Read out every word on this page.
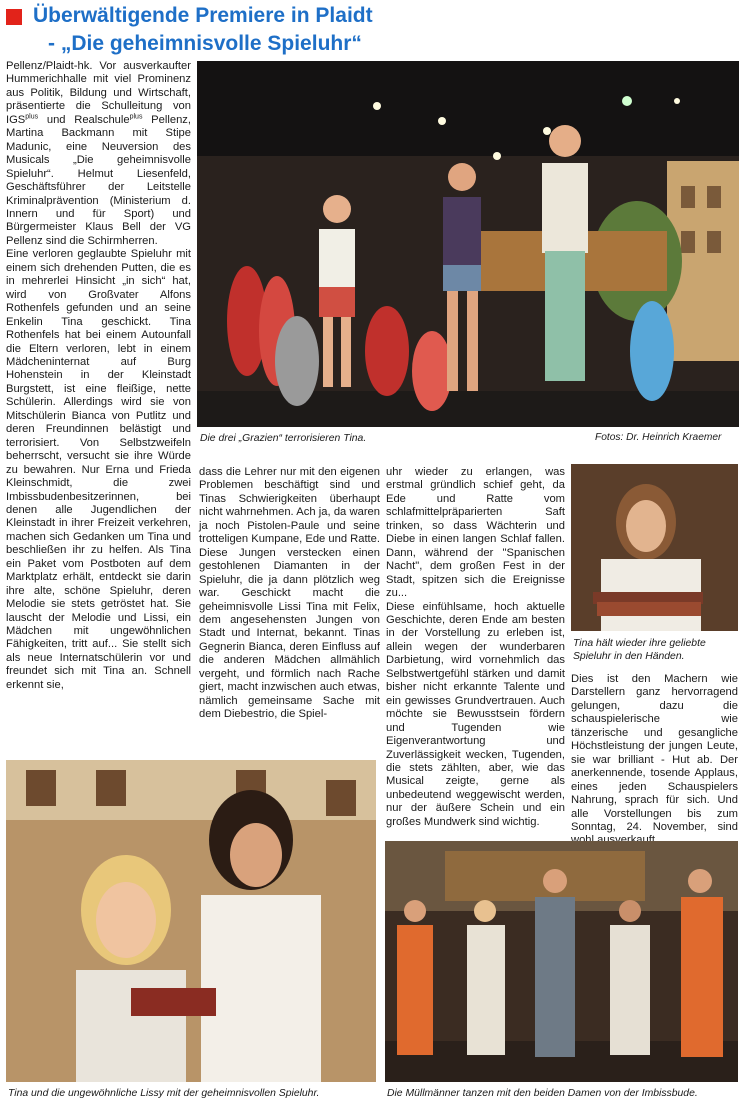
Überwältigende Premiere in Plaidt
- „Die geheimnisvolle Spieluhr“
Die drei „Grazien“ terrorisieren Tina.	Fotos: Dr. Heinrich Kraemer

Pellenz/Plaidt-hk. Vor ausverkaufter Hummerichhalle mit viel Prominenz aus Politik, Bildung und Wirtschaft, präsentierte die Schulleitung von $IGS^{plus}$ und Realschule$^{plus}$ Pellenz, Martina Backmann mit Stipe Madunic, eine Neuversion des Musicals „Die geheimnisvolle Spieluhr“. Helmut Liesenfeld, Geschäftsführer der Leitstelle Kriminalprävention (Ministerium d. Innern und für Sport) und Bürgermeister Klaus Bell der VG Pellenz sind die Schirmherren.

Eine verloren geglaubte Spieluhr mit einem sich drehenden Putten, die es in mehrerlei Hinsicht „in sich“ hat, wird von Großvater Alfons Rothenfels gefunden und an seine Enkelin Tina geschickt. Tina Rothenfels hat bei einem Autounfall die Eltern verloren, lebt in einem Mädcheninternat auf Burg Hohenstein in der Kleinstadt Burgstett, ist eine fleißige, nette Schülerin. Allerdings wird sie von Mitschülerin Bianca von Putlitz und deren Freundinnen belästigt und terrorisiert. Von Selbstzweifeln beherrscht, versucht sie ihre Würde zu bewahren. Nur Erna und Frieda Kleinschmidt, die zwei Imbissbudenbesitzerinnen, bei denen alle Jugendlichen der Kleinstadt in ihrer Freizeit verkehren, machen sich Gedanken um Tina und beschließen ihr zu helfen. Als Tina ein Paket vom Postboten auf dem Marktplatz erhält, entdeckt sie darin ihre alte, schöne Spieluhr, deren Melodie sie stets getröstet hat. Sie lauscht der Melodie und Lissi, ein Mädchen mit ungewöhnlichen Fähigkeiten, tritt auf... Sie stellt sich als neue Internatschülerin vor und freundet sich mit Tina an. Schnell erkennt sie,

dass die Lehrer nur mit den eigenen Problemen beschäftigt sind und Tinas Schwierigkeiten überhaupt nicht wahrnehmen. Ach ja, da waren ja noch Pistolen-Paule und seine trotteligen Kumpane, Ede und Ratte. Diese Jungen verstecken einen gestohlenen Diamanten in der Spieluhr, die ja dann plötzlich weg war. Geschickt macht die geheimnisvolle Lissi Tina mit Felix, dem angesehensten Jungen von Stadt und Internat, bekannt. Tinas Gegnerin Bianca, deren Einfluss auf die anderen Mädchen allmählich vergeht, und förmlich nach Rache giert, macht inzwischen auch etwas, nämlich gemeinsame Sache mit dem Diebestrio, die Spiel-

uhr wieder zu erlangen, was erstmal gründlich schief geht, da Ede und Ratte vom schlafmittelpräparierten Saft trinken, so dass Wächterin und Diebe in einen langen Schlaf fallen. Dann, während der "Spanischen Nacht", dem großen Fest in der Stadt, spitzen sich die Ereignisse zu...

Diese einfühlsame, hoch aktuelle Geschichte, deren Ende am besten in der Vorstellung zu erleben ist, allein wegen der wunderbaren Darbietung, wird vornehmlich das Selbstwertgefühl stärken und damit bisher nicht erkannte Talente und ein gewisses Grundvertrauen. Auch möchte sie Bewusstsein fördern und Tugenden wie Eigenverantwortung und Zuverlässigkeit wecken, Tugenden, die stets zählten, aber, wie das Musical zeigte, gerne als unbedeutend weggewischt werden, nur der äußere Schein und ein großes Mundwerk sind wichtig.

Tina hält wieder ihre geliebte
Spieluhr in den Händen.

Dies ist den Machern wie Darstellern ganz hervorragend gelungen, dazu die schauspielerische wie tänzerische und gesangliche Höchstleistung der jungen Leute, sie war brilliant - Hut ab. Der anerkennende, tosende Applaus, eines jeden Schauspielers Nahrung, sprach für sich. Und alle Vorstellungen bis zum Sonntag, 24. November, sind

Tina und die ungewöhnliche Lissy mit der geheimnisvollen Spieluhr.	Die Müllmänner tanzen mit den beiden Damen von der Imbissbude.
